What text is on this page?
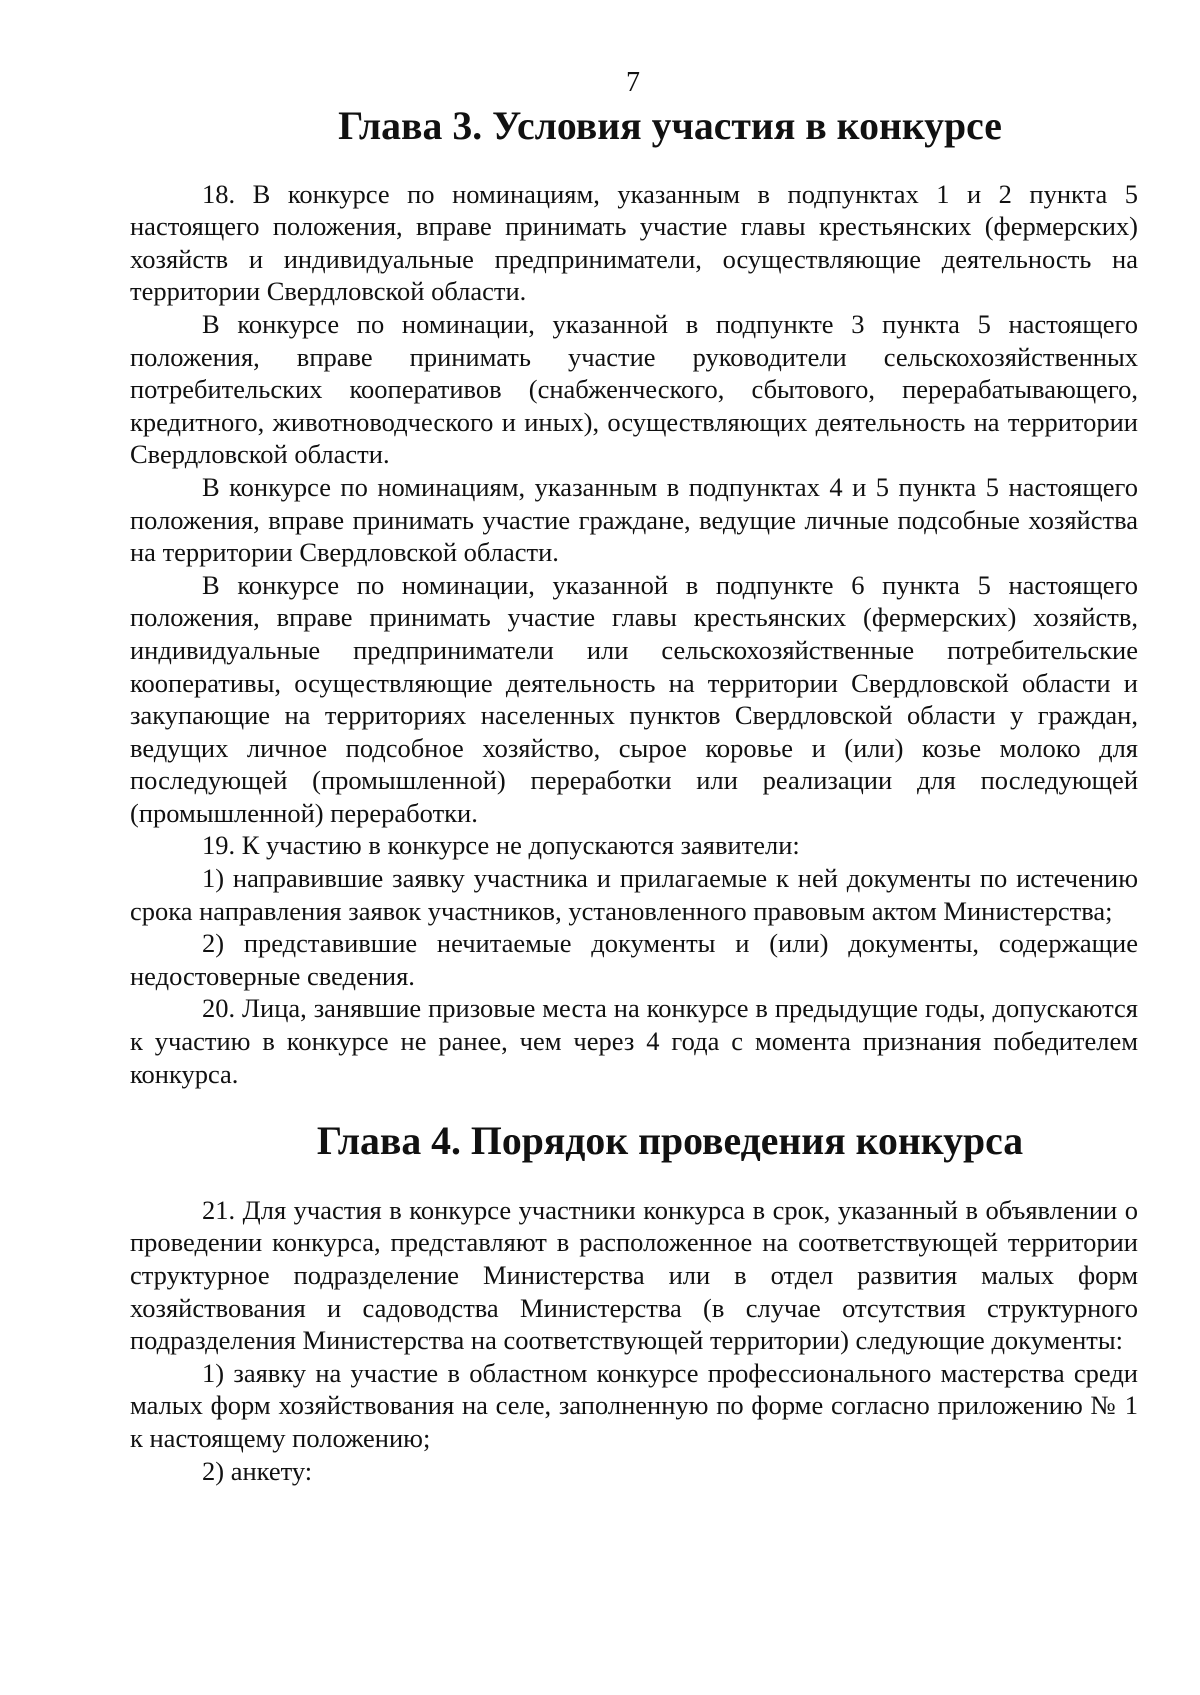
7
Глава 3. Условия участия в конкурсе

18. В конкурсе по номинациям, указанным в подпунктах 1 и 2 пункта 5 настоящего положения, вправе принимать участие главы крестьянских (фермерских) хозяйств и индивидуальные предприниматели, осуществляющие деятельность на территории Свердловской области.

В конкурсе по номинации, указанной в подпункте 3 пункта 5 настоящего положения, вправе принимать участие руководители сельскохозяйственных потребительских кооперативов (снабженческого, сбытового, перерабатывающего, кредитного, животноводческого и иных), осуществляющих деятельность на территории Свердловской области.

В конкурсе по номинациям, указанным в подпунктах 4 и 5 пункта 5 настоящего положения, вправе принимать участие граждане, ведущие личные подсобные хозяйства на территории Свердловской области.

В конкурсе по номинации, указанной в подпункте 6 пункта 5 настоящего положения, вправе принимать участие главы крестьянских (фермерских) хозяйств, индивидуальные предприниматели или сельскохозяйственные потребительские кооперативы, осуществляющие деятельность на территории Свердловской области и закупающие на территориях населенных пунктов Свердловской области у граждан, ведущих личное подсобное хозяйство, сырое коровье и (или) козье молоко для последующей (промышленной) переработки или реализации для последующей (промышленной) переработки.

19. К участию в конкурсе не допускаются заявители:

1) направившие заявку участника и прилагаемые к ней документы по истечению срока направления заявок участников, установленного правовым актом Министерства;

2) представившие нечитаемые документы и (или) документы, содержащие недостоверные сведения.

20. Лица, занявшие призовые места на конкурсе в предыдущие годы, допускаются к участию в конкурсе не ранее, чем через 4 года с момента признания победителем конкурса.

Глава 4. Порядок проведения конкурса

21. Для участия в конкурсе участники конкурса в срок, указанный в объявлении о проведении конкурса, представляют в расположенное на соответствующей территории структурное подразделение Министерства или в отдел развития малых форм хозяйствования и садоводства Министерства (в случае отсутствия структурного подразделения Министерства на соответствующей территории) следующие документы:

1) заявку на участие в областном конкурсе профессионального мастерства среди малых форм хозяйствования на селе, заполненную по форме согласно приложению № 1 к настоящему положению;

2) анкету:
